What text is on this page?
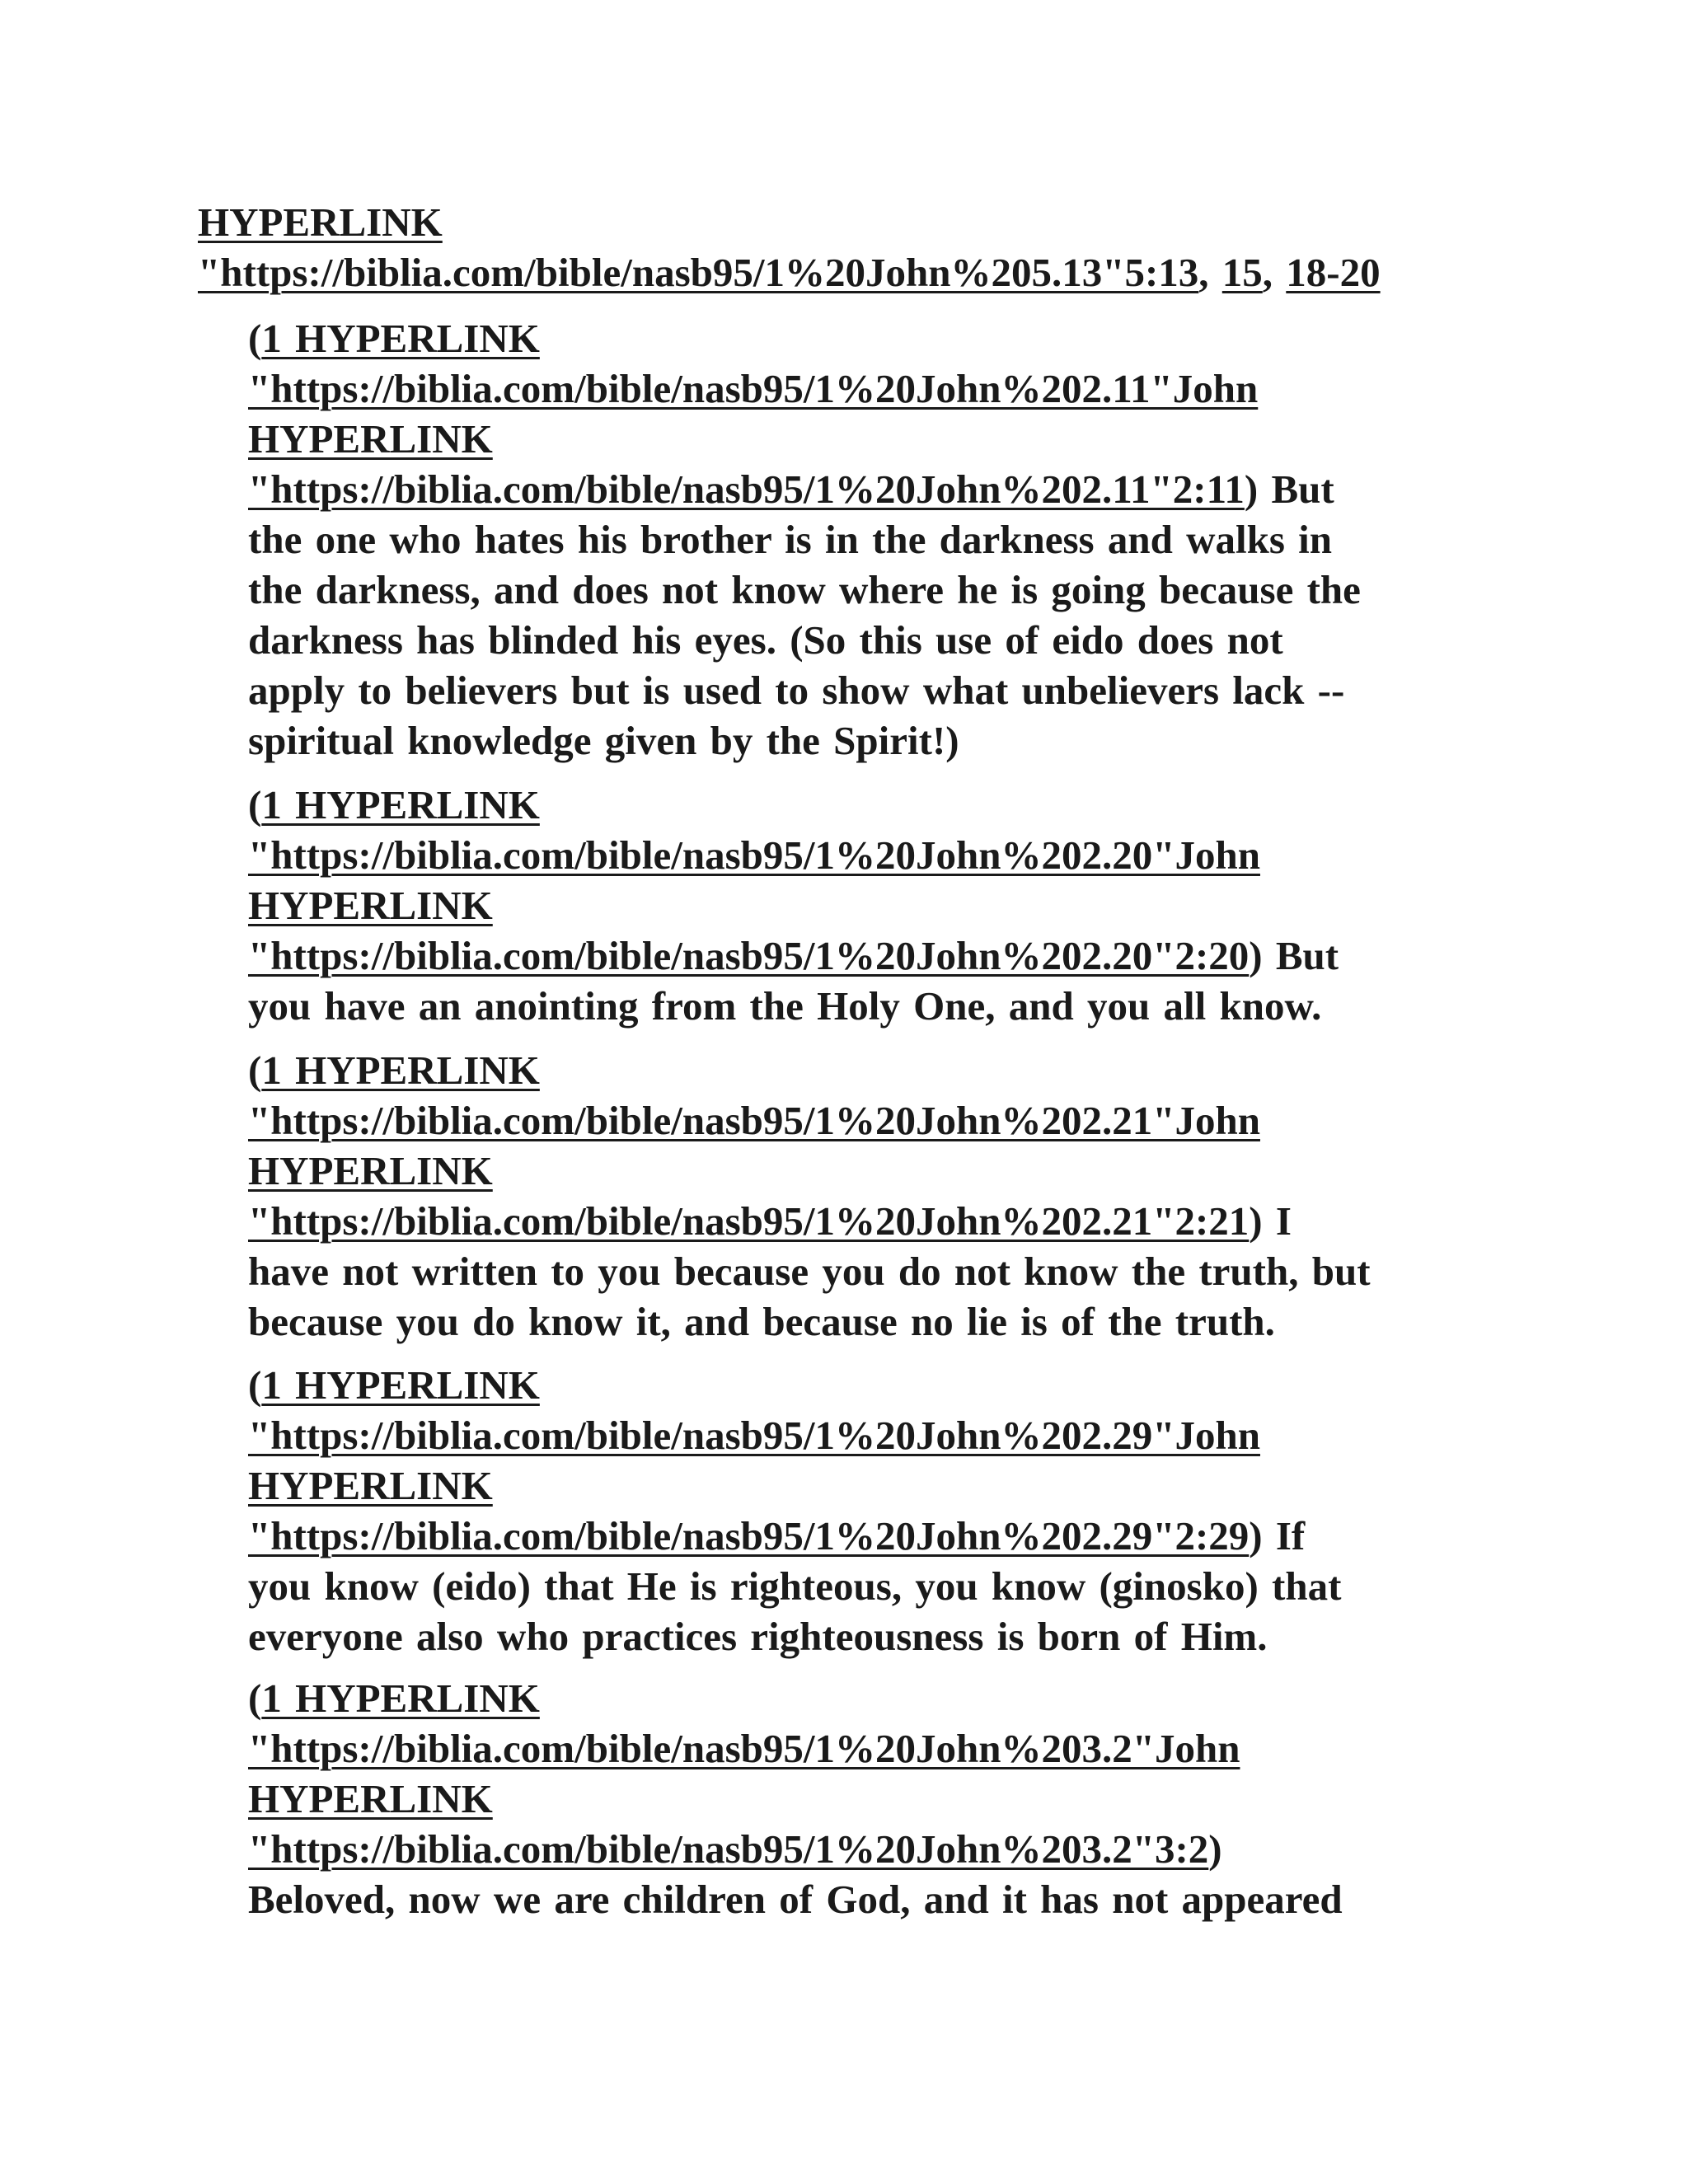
HYPERLINK
"https://biblia.com/bible/nasb95/1%20John%205.13"5:13, 15, 18-20
(1 HYPERLINK
"https://biblia.com/bible/nasb95/1%20John%202.11"John
HYPERLINK
"https://biblia.com/bible/nasb95/1%20John%202.11"2:11) But
the one who hates his brother is in the darkness and walks in
the darkness, and does not know where he is going because the
darkness has blinded his eyes. (So this use of eido does not
apply to believers but is used to show what unbelievers lack --
spiritual knowledge given by the Spirit!)
(1 HYPERLINK
"https://biblia.com/bible/nasb95/1%20John%202.20"John
HYPERLINK
"https://biblia.com/bible/nasb95/1%20John%202.20"2:20) But
you have an anointing from the Holy One, and you all know.
(1 HYPERLINK
"https://biblia.com/bible/nasb95/1%20John%202.21"John
HYPERLINK
"https://biblia.com/bible/nasb95/1%20John%202.21"2:21) I
have not written to you because you do not know the truth, but
because you do know it, and because no lie is of the truth.
(1 HYPERLINK
"https://biblia.com/bible/nasb95/1%20John%202.29"John
HYPERLINK
"https://biblia.com/bible/nasb95/1%20John%202.29"2:29) If
you know (eido) that He is righteous, you know (ginosko) that
everyone also who practices righteousness is born of Him.
(1 HYPERLINK
"https://biblia.com/bible/nasb95/1%20John%203.2"John
HYPERLINK
"https://biblia.com/bible/nasb95/1%20John%203.2"3:2)
Beloved, now we are children of God, and it has not appeared
